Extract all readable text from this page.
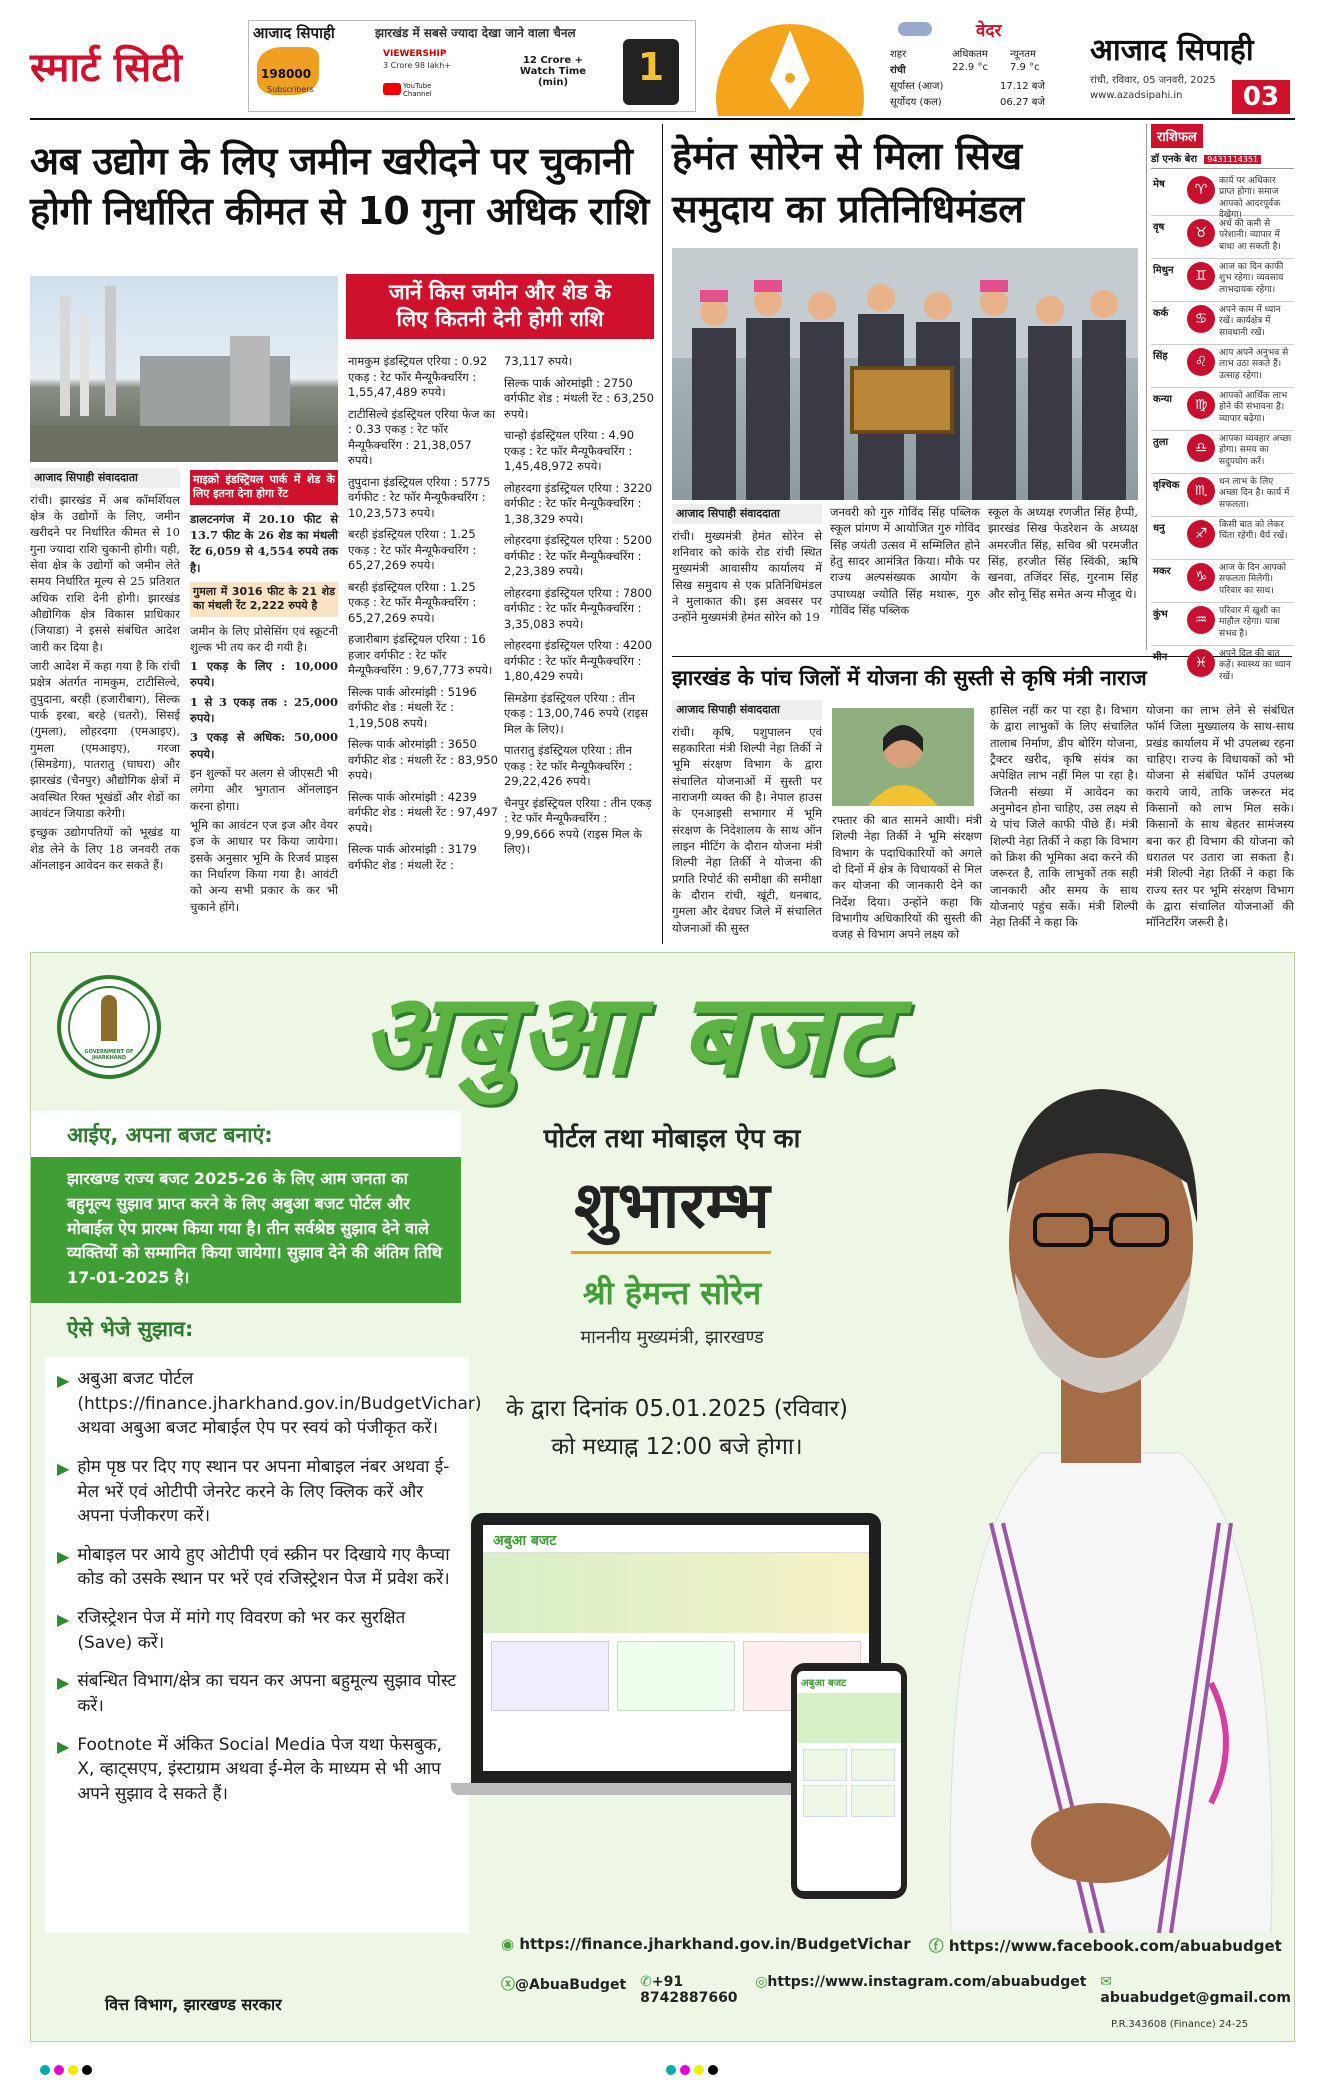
स्मार्ट सिटी
आजाद सिपाही	झारखंड में सबसे ज्यादा देखा जाने वाला चैनल
198000
Subscribers
VIEWERSHIP
3 Crore 98 lakh+
YouTube Channel
12 Crore + Watch Time (min)	1
वेदर
शहर	अधिकतम न्यूनतम
रांची	22.9 °c 7.9 °c
सूर्यास्त (आज)	17.12 बजे
सूर्योदय (कल)	06.27 बजे
आजाद सिपाही
रांची, रविवार, 05 जनवरी, 2025
www.azadsipahi.in	03
अब उद्योग के लिए जमीन खरीदने पर चुकानी
होगी निर्धारित कीमत से 10 गुना अधिक राशि
आजाद सिपाही संवाददाता

रांची। झारखंड में अब कॉमर्शियल क्षेत्र के उद्योगों के लिए, जमीन खरीदने पर निर्धारित कीमत से 10 गुना ज्यादा राशि चुकानी होगी। यही, सेवा क्षेत्र के उद्योगों को जमीन लेते समय निर्धारित मूल्य से 25 प्रतिशत अधिक राशि देनी होगी। झारखंड औद्योगिक क्षेत्र विकास प्राधिकार (जियाडा) ने इससे संबंधित आदेश जारी कर दिया है।

जारी आदेश में कहा गया है कि रांची प्रक्षेत्र अंतर्गत नामकुम, टाटीसिल्वे, तुपुदाना, बरही (हजारीबाग), सिल्क पार्क इरबा, बरहे (चतरो), सिसई (गुमला), लोहरदगा (एमआइए), गुमला (एमआइए), गरजा (सिमडेगा), पातरातु (घाघरा) और झारखंड (चैनपुर) औद्योगिक क्षेत्रों में अवस्थित रिक्त भूखंडों और शेडों का आवंटन जियाडा करेगी।

इच्छुक उद्योगपतियों को भूखंड या शेड लेने के लिए 18 जनवरी तक ऑनलाइन आवेदन कर सकते हैं।

माइक्रो इंडस्ट्रियल पार्क में शेड के लिए इतना देना होगा रेंट

डालटनगंज में 20.10 फीट से 13.7 फीट के 26 शेड का मंथली रेंट 6,059 से 4,554 रुपये तक है।

गुमला में 3016 फीट के 21 शेड का मंथली रेंट 2,222 रुपये है

जमीन के लिए प्रोसेसिंग एवं स्क्रूटनी शुल्क भी तय कर दी गयी है।

1 एकड़ के लिए : 10,000 रुपये।

1 से 3 एकड़ तक : 25,000 रुपये।

3 एकड़ से अधिक: 50,000 रुपये।

इन शुल्कों पर अलग से जीएसटी भी लगेगा और भुगतान ऑनलाइन करना होगा।

भूमि का आवंटन एज इज और वेयर इज के आधार पर किया जायेगा। इसके अनुसार भूमि के रिजर्व प्राइस का निर्धारण किया गया है। आवंटी को अन्य सभी प्रकार के कर भी चुकाने होंगे।

जानें किस जमीन और शेड के
लिए कितनी देनी होगी राशि
नामकुम इंडस्ट्रियल एरिया : 0.92 एकड़ : रेट फॉर मैन्यूफैक्चरिंग : 1,55,47,489 रुपये।
टाटीसिल्वे इंडस्ट्रियल एरिया फेज का : 0.33 एकड़ : रेट फॉर मैन्यूफैक्चरिंग : 21,38,057 रुपये।
तुपुदाना इंडस्ट्रियल एरिया : 5775 वर्गफीट : रेट फॉर मैन्यूफैक्चरिंग : 10,23,573 रुपये।
बरही इंडस्ट्रियल एरिया : 1.25 एकड़ : रेट फॉर मैन्यूफैक्चरिंग : 65,27,269 रुपये।
बरही इंडस्ट्रियल एरिया : 1.25 एकड़ : रेट फॉर मैन्यूफैक्चरिंग : 65,27,269 रुपये।
हजारीबाग इंडस्ट्रियल एरिया : 16 हजार वर्गफीट : रेट फॉर मैन्यूफैक्चरिंग : 9,67,773 रुपये।
सिल्क पार्क ओरमांझी : 5196 वर्गफीट शेड : मंथली रेंट : 1,19,508 रुपये।
सिल्क पार्क ओरमांझी : 3650 वर्गफीट शेड : मंथली रेंट : 83,950 रुपये।
सिल्क पार्क ओरमांझी : 4239 वर्गफीट शेड : मंथली रेंट : 97,497 रुपये।
सिल्क पार्क ओरमांझी : 3179 वर्गफीट शेड : मंथली रेंट :
73,117 रुपये।
सिल्क पार्क ओरमांझी : 2750 वर्गफीट शेड : मंथली रेंट : 63,250 रुपये।
चान्हो इंडस्ट्रियल एरिया : 4.90 एकड़ : रेट फॉर मैन्यूफैक्चरिंग : 1,45,48,972 रुपये।
लोहरदगा इंडस्ट्रियल एरिया : 3220 वर्गफीट : रेट फॉर मैन्यूफैक्चरिंग : 1,38,329 रुपये।
लोहरदगा इंडस्ट्रियल एरिया : 5200 वर्गफीट : रेट फॉर मैन्यूफैक्चरिंग : 2,23,389 रुपये।
लोहरदगा इंडस्ट्रियल एरिया : 7800 वर्गफीट : रेट फॉर मैन्यूफैक्चरिंग : 3,35,083 रुपये।
लोहरदगा इंडस्ट्रियल एरिया : 4200 वर्गफीट : रेट फॉर मैन्यूफैक्चरिंग : 1,80,429 रुपये।
सिमडेगा इंडस्ट्रियल एरिया : तीन एकड़ : 13,00,746 रुपये (राइस मिल के लिए)।
पातरातु इंडस्ट्रियल एरिया : तीन एकड़ : रेट फॉर मैन्यूफैक्चरिंग : 29,22,426 रुपये।
चैनपुर इंडस्ट्रियल एरिया : तीन एकड़ : रेट फॉर मैन्यूफैक्चरिंग : 9,99,666 रुपये (राइस मिल के लिए)।
हेमंत सोरेन से मिला सिख
समुदाय का प्रतिनिधिमंडल
आजाद सिपाही संवाददाता

रांची। मुख्यमंत्री हेमंत सोरेन से शनिवार को कांके रोड रांची स्थित मुख्यमंत्री आवासीय कार्यालय में सिख समुदाय से एक प्रतिनिधिमंडल ने मुलाकात की। इस अवसर पर उन्होंने मुख्यमंत्री हेमंत सोरेन को 19

जनवरी को गुरु गोविंद सिंह पब्लिक स्कूल प्रांगण में आयोजित गुरु गोविंद सिंह जयंती उत्सव में सम्मिलित होने हेतु सादर आमंत्रित किया। मौके पर राज्य अल्पसंख्यक आयोग के उपाध्यक्ष ज्योति सिंह मथारू, गुरु गोविंद सिंह पब्लिक

स्कूल के अध्यक्ष रणजीत सिंह हैप्पी, झारखंड सिख फेडरेशन के अध्यक्ष अमरजीत सिंह, सचिव श्री परमजीत सिंह, हरजीत सिंह स्विंकी, ऋषि खनवा, तजिंदर सिंह, गुरनाम सिंह और सोनू सिंह समेत अन्य मौजूद थे।

झारखंड के पांच जिलों में योजना की सुस्ती से कृषि मंत्री नाराज
आजाद सिपाही संवाददाता

रांची। कृषि, पशुपालन एवं सहकारिता मंत्री शिल्पी नेहा तिर्की ने भूमि संरक्षण विभाग के द्वारा संचालित योजनाओं में सुस्ती पर नाराजगी व्यक्त की है। नेपाल हाउस के एनआइसी सभागार में भूमि संरक्षण के निदेशालय के साथ ऑन लाइन मीटिंग के दौरान योजना मंत्री शिल्पी नेहा तिर्की ने योजना की प्रगति रिपोर्ट की समीक्षा की समीक्षा के दौरान रांची, खूंटी, धनबाद, गुमला और देवघर जिले में संचालित योजनाओं की सुस्त

रफ्तार की बात सामने आयी। मंत्री शिल्पी नेहा तिर्की ने भूमि संरक्षण विभाग के पदाधिकारियों को अगले दो दिनों में क्षेत्र के विधायकों से मिल कर योजना की जानकारी देने का निर्देश दिया। उन्होंने कहा कि विभागीय अधिकारियों की सुस्ती की वजह से विभाग अपने लक्ष्य को

हासिल नहीं कर पा रहा है। विभाग के द्वारा लाभुकों के लिए संचालित तालाब निर्माण, डीप बोरिंग योजना, ट्रैक्टर खरीद, कृषि संयंत्र का अपेक्षित लाभ नहीं मिल पा रहा है। जितनी संख्या में आवेदन का अनुमोदन होना चाहिए, उस लक्ष्य से ये पांच जिले काफी पीछे हैं। मंत्री शिल्पी नेहा तिर्की ने कहा कि विभाग को क्रिश की भूमिका अदा करने की जरूरत है, ताकि लाभुकों तक सही जानकारी और समय के साथ योजनाएं पहुंच सकें। मंत्री शिल्पी नेहा तिर्की ने कहा कि

योजना का लाभ लेने से संबंधित फॉर्म जिला मुख्यालय के साथ-साथ प्रखंड कार्यालय में भी उपलब्ध रहना चाहिए। राज्य के विधायकों को भी योजना से संबंधित फॉर्म उपलब्ध कराये जाये, ताकि जरूरत मंद किसानों को लाभ मिल सके। किसानों के साथ बेहतर सामंजस्य बना कर ही विभाग की योजना को धरातल पर उतारा जा सकता है। मंत्री शिल्पी नेहा तिर्की ने कहा कि राज्य स्तर पर भूमि संरक्षण विभाग के द्वारा संचालित योजनाओं की मॉनिटरिंग जरूरी है।

राशिफल
डॉ एनके बेरा 9431114351
मेष	♈
कार्य पर अधिकार प्राप्त होगा। समाज आपको आदरपूर्वक देखेगा।
वृष	♉
अर्थ की कमी से परेशानी। व्यापार में बाधा आ सकती है।
मिथुन	♊
आज का दिन काफी शुभ रहेगा। व्यवसाय लाभदायक रहेगा।
कर्क	♋
अपने काम में ध्यान रखें। कार्यक्षेत्र में सावधानी रखें।
सिंह	♌
आप अपने अनुभव से लाभ उठा सकते हैं। उत्साह रहेगा।
कन्या	♍
आपको आर्थिक लाभ होने की संभावना है। व्यापार बढ़ेगा।
तुला	♎
आपका व्यवहार अच्छा होगा। समय का सदुपयोग करें।
वृश्चिक	♏
धन लाभ के लिए अच्छा दिन है। कार्य में सफलता।
धनु	♐
किसी बात को लेकर चिंता रहेगी। धैर्य रखें।
मकर	♑
आज के दिन आपको सफलता मिलेगी। परिवार का साथ।
कुंभ	♒
परिवार में खुशी का माहौल रहेगा। यात्रा संभव है।
मीन	♓
अपने दिल की बात कहें। स्वास्थ्य का ध्यान रखें।
GOVERNMENT OF JHARKHAND अबुआ बजट
आईए, अपना बजट बनाएं:
झारखण्ड राज्य बजट 2025-26 के लिए आम जनता का बहुमूल्य सुझाव प्राप्त करने के लिए अबुआ बजट पोर्टल और मोबाईल ऐप प्रारम्भ किया गया है। तीन सर्वश्रेष्ठ सुझाव देने वाले व्यक्तियों को सम्मानित किया जायेगा। सुझाव देने की अंतिम तिथि 17-01-2025 है।
ऐसे भेजे सुझाव:
▶ अबुआ बजट पोर्टल (https://finance.jharkhand.gov.in/BudgetVichar) अथवा अबुआ बजट मोबाईल ऐप पर स्वयं को पंजीकृत करें।
▶ होम पृष्ठ पर दिए गए स्थान पर अपना मोबाइल नंबर अथवा ई-मेल भरें एवं ओटीपी जेनरेट करने के लिए क्लिक करें और अपना पंजीकरण करें।
▶ मोबाइल पर आये हुए ओटीपी एवं स्क्रीन पर दिखाये गए कैप्चा कोड को उसके स्थान पर भरें एवं रजिस्ट्रेशन पेज में प्रवेश करें।
▶ रजिस्ट्रेशन पेज में मांगे गए विवरण को भर कर सुरक्षित (Save) करें।
▶ संबन्धित विभाग/क्षेत्र का चयन कर अपना बहुमूल्य सुझाव पोस्ट करें।
▶ Footnote में अंकित Social Media पेज यथा फेसबुक, X, व्हाट्सएप, इंस्टाग्राम अथवा ई-मेल के माध्यम से भी आप अपने सुझाव दे सकते हैं।
वित्त विभाग, झारखण्ड सरकार
पोर्टल तथा मोबाइल ऐप का
शुभारम्भ
श्री हेमन्त सोरेन
माननीय मुख्यमंत्री, झारखण्ड
के द्वारा दिनांक 05.01.2025 (रविवार)
को मध्याह्न 12:00 बजे होगा।
अबुआ बजट
अबुआ बजट
◉ https://finance.jharkhand.gov.in/BudgetVichar ⓕ https://www.facebook.com/abuabudget
ⓧ@AbuaBudget ✆+91 8742887660
◎https://www.instagram.com/abuabudget ✉abuabudget@gmail.com
P.R.343608 (Finance) 24-25
